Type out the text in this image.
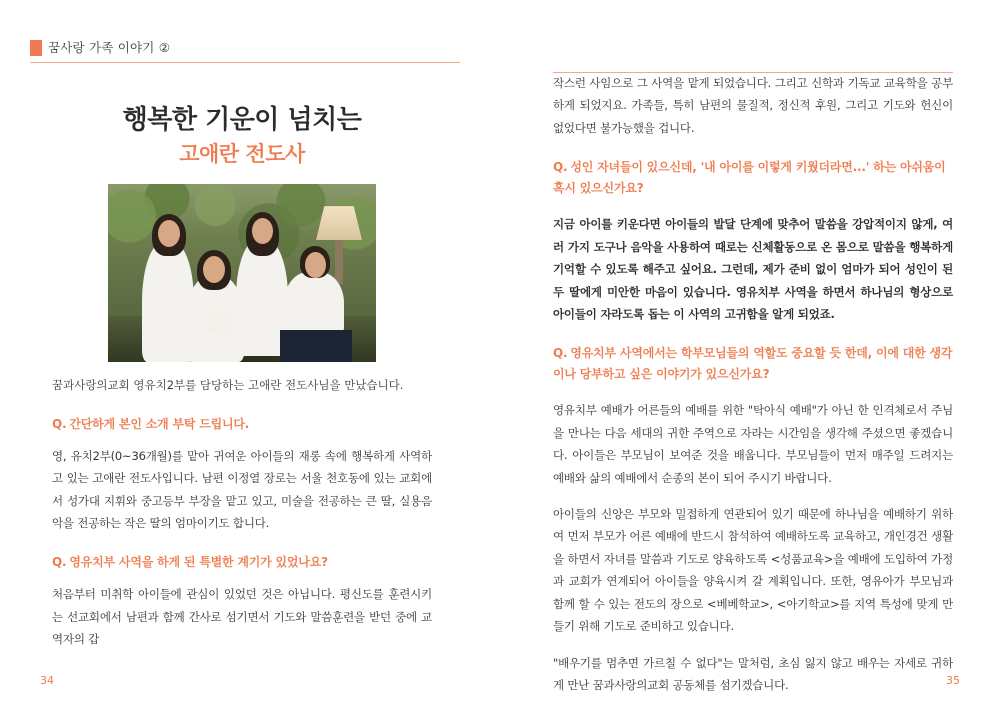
꿈사랑 가족 이야기 ②
행복한 기운이 넘치는
고애란 전도사
꿈과사랑의교회 영유치2부를 담당하는 고애란 전도사님을 만났습니다.
Q. 간단하게 본인 소개 부탁 드립니다.
영, 유치2부(0~36개월)를 맡아 귀여운 아이들의 재롱 속에 행복하게 사역하고 있는 고애란 전도사입니다. 남편 이정열 장로는 서울 천호동에 있는 교회에서 성가대 지휘와 중고등부 부장을 맡고 있고, 미술을 전공하는 큰 딸, 실용음악을 전공하는 작은 딸의 엄마이기도 합니다.
Q. 영유치부 사역을 하게 된 특별한 계기가 있었나요?
처음부터 미취학 아이들에 관심이 있었던 것은 아닙니다. 평신도를 훈련시키는 선교회에서 남편과 함께 간사로 섬기면서 기도와 말씀훈련을 받던 중에 교역자의 갑
작스런 사임으로 그 사역을 맡게 되었습니다. 그리고 신학과 기독교 교육학을 공부하게 되었지요. 가족들, 특히 남편의 물질적, 정신적 후원, 그리고 기도와 헌신이 없었다면 불가능했을 겁니다.
Q. 성인 자녀들이 있으신데, '내 아이를 이렇게 키웠더라면...' 하는 아쉬움이 혹시 있으신가요?
지금 아이를 키운다면 아이들의 발달 단계에 맞추어 말씀을 강압적이지 않게, 여러 가지 도구나 음악을 사용하여 때로는 신체활동으로 온 몸으로 말씀을 행복하게 기억할 수 있도록 해주고 싶어요. 그런데, 제가 준비 없이 엄마가 되어 성인이 된 두 딸에게 미안한 마음이 있습니다. 영유치부 사역을 하면서 하나님의 형상으로 아이들이 자라도록 돕는 이 사역의 고귀함을 알게 되었죠.
Q. 영유치부 사역에서는 학부모님들의 역할도 중요할 듯 한데, 이에 대한 생각이나 당부하고 싶은 이야기가 있으신가요?
영유치부 예배가 어른들의 예배를 위한 "탁아식 예배"가 아닌 한 인격체로서 주님을 만나는 다음 세대의 귀한 주역으로 자라는 시간임을 생각해 주셨으면 좋겠습니다. 아이들은 부모님이 보여준 것을 배웁니다. 부모님들이 먼저 매주일 드려지는 예배와 삶의 예배에서 순종의 본이 되어 주시기 바랍니다.
아이들의 신앙은 부모와 밀접하게 연관되어 있기 때문에 하나님을 예배하기 위하여 먼저 부모가 어른 예배에 반드시 참석하여 예배하도록 교육하고, 개인경건 생활을 하면서 자녀를 말씀과 기도로 양육하도록 <성품교육>을 예배에 도입하여 가정과 교회가 연계되어 아이들을 양육시켜 갈 계획입니다. 또한, 영유아가 부모님과 함께 할 수 있는 전도의 장으로 <베베학교>, <아기학교>를 지역 특성에 맞게 만들기 위해 기도로 준비하고 있습니다.
"배우기를 멈추면 가르칠 수 없다"는 말처럼, 초심 잃지 않고 배우는 자세로 귀하게 만난 꿈과사랑의교회 공동체를 섬기겠습니다.
34	35
